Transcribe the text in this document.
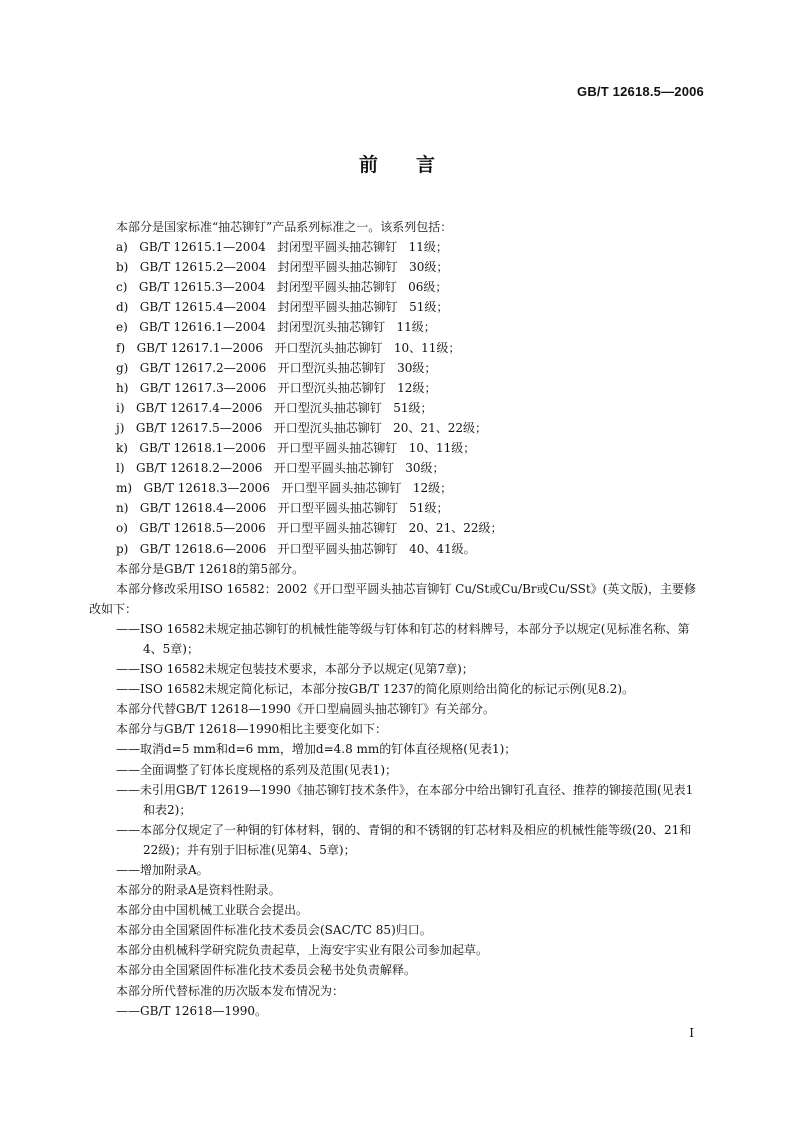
GB/T 12618.5—2006
前言
本部分是国家标准“抽芯铆钉”产品系列标准之一。该系列包括：
a)   GB/T 12615.1—2004   封闭型平圆头抽芯铆钉   11级；
b)   GB/T 12615.2—2004   封闭型平圆头抽芯铆钉   30级；
c)   GB/T 12615.3—2004   封闭型平圆头抽芯铆钉   06级；
d)   GB/T 12615.4—2004   封闭型平圆头抽芯铆钉   51级；
e)   GB/T 12616.1—2004   封闭型沉头抽芯铆钉   11级；
f)   GB/T 12617.1—2006   开口型沉头抽芯铆钉   10、11级；
g)   GB/T 12617.2—2006   开口型沉头抽芯铆钉   30级；
h)   GB/T 12617.3—2006   开口型沉头抽芯铆钉   12级；
i)   GB/T 12617.4—2006   开口型沉头抽芯铆钉   51级；
j)   GB/T 12617.5—2006   开口型沉头抽芯铆钉   20、21、22级；
k)   GB/T 12618.1—2006   开口型平圆头抽芯铆钉   10、11级；
l)   GB/T 12618.2—2006   开口型平圆头抽芯铆钉   30级；
m)   GB/T 12618.3—2006   开口型平圆头抽芯铆钉   12级；
n)   GB/T 12618.4—2006   开口型平圆头抽芯铆钉   51级；
o)   GB/T 12618.5—2006   开口型平圆头抽芯铆钉   20、21、22级；
p)   GB/T 12618.6—2006   开口型平圆头抽芯铆钉   40、41级。
本部分是GB/T 12618的第5部分。
本部分修改采用ISO 16582：2002《开口型平圆头抽芯盲铆钉 Cu/St或Cu/Br或Cu/SSt》(英文版)，主要修改如下：
——ISO 16582未规定抽芯铆钉的机械性能等级与钉体和钉芯的材料牌号，本部分予以规定(见标准名称、第4、5章)；
——ISO 16582未规定包装技术要求，本部分予以规定(见第7章)；
——ISO 16582未规定简化标记，本部分按GB/T 1237的简化原则给出简化的标记示例(见8.2)。
本部分代替GB/T 12618—1990《开口型扁圆头抽芯铆钉》有关部分。
本部分与GB/T 12618—1990相比主要变化如下：
——取消d=5 mm和d=6 mm，增加d=4.8 mm的钉体直径规格(见表1)；
——全面调整了钉体长度规格的系列及范围(见表1)；
——未引用GB/T 12619—1990《抽芯铆钉技术条件》，在本部分中给出铆钉孔直径、推荐的铆接范围(见表1和表2)；
——本部分仅规定了一种铜的钉体材料，钢的、青铜的和不锈钢的钉芯材料及相应的机械性能等级(20、21和22级)；并有别于旧标准(见第4、5章)；
——增加附录A。
本部分的附录A是资料性附录。
本部分由中国机械工业联合会提出。
本部分由全国紧固件标准化技术委员会(SAC/TC 85)归口。
本部分由机械科学研究院负责起草，上海安宇实业有限公司参加起草。
本部分由全国紧固件标准化技术委员会秘书处负责解释。
本部分所代替标准的历次版本发布情况为：
——GB/T 12618—1990。
I
